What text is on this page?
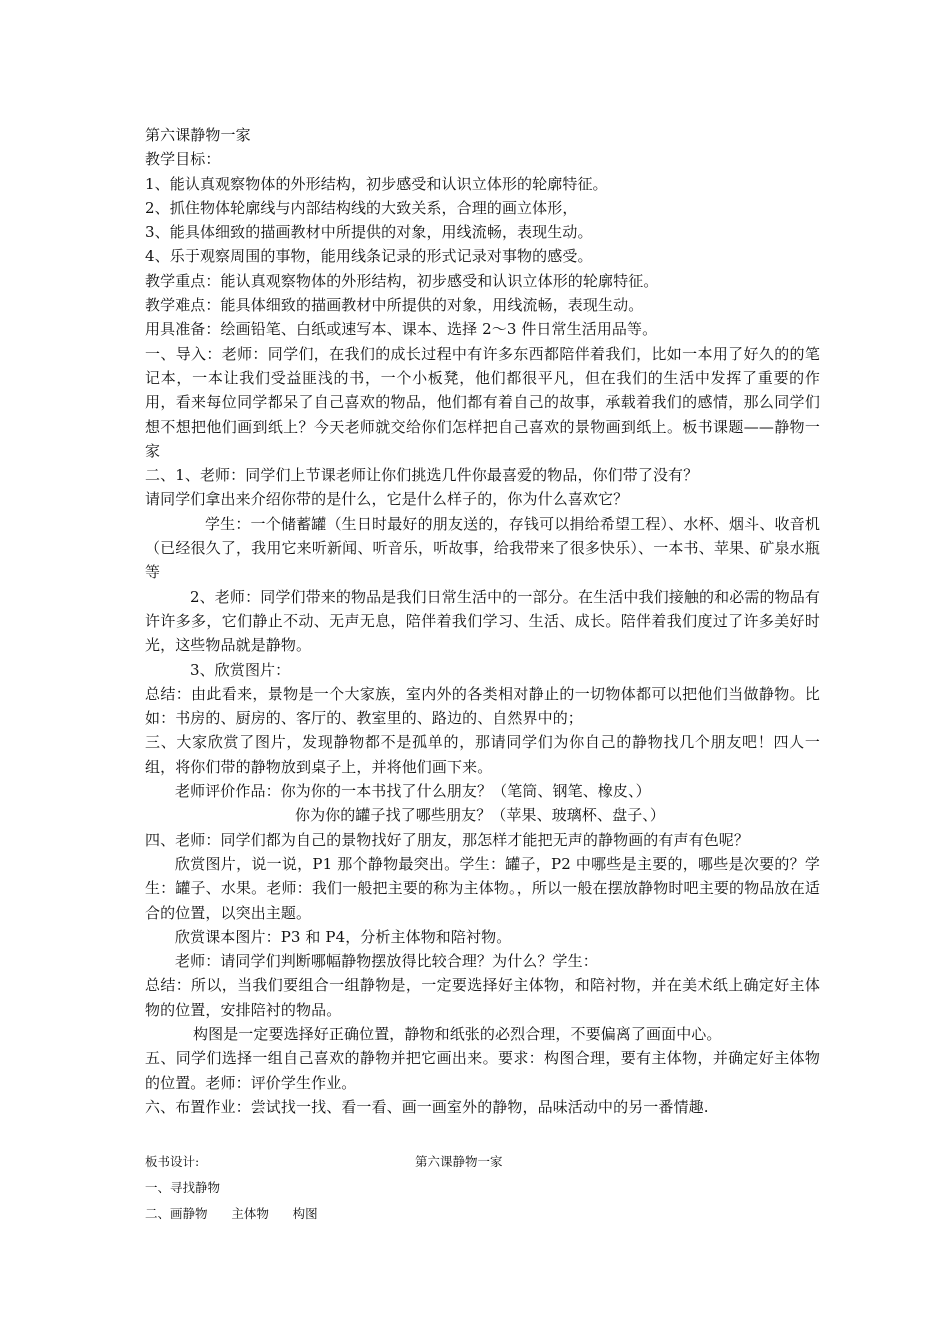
第六课静物一家

教学目标：

1、能认真观察物体的外形结构，初步感受和认识立体形的轮廓特征。

2、抓住物体轮廓线与内部结构线的大致关系，合理的画立体形，

3、能具体细致的描画教材中所提供的对象，用线流畅，表现生动。

4、乐于观察周围的事物，能用线条记录的形式记录对事物的感受。

教学重点：能认真观察物体的外形结构，初步感受和认识立体形的轮廓特征。

教学难点：能具体细致的描画教材中所提供的对象，用线流畅，表现生动。

用具准备：绘画铅笔、白纸或速写本、课本、选择 2～3 件日常生活用品等。

一、导入：老师：同学们，在我们的成长过程中有许多东西都陪伴着我们，比如一本用了好久的的笔记本，一本让我们受益匪浅的书，一个小板凳，他们都很平凡，但在我们的生活中发挥了重要的作用，看来每位同学都呆了自己喜欢的物品，他们都有着自己的故事，承载着我们的感情，那么同学们想不想把他们画到纸上？今天老师就交给你们怎样把自己喜欢的景物画到纸上。板书课题——静物一家

二、1、老师：同学们上节课老师让你们挑选几件你最喜爱的物品，你们带了没有？

请同学们拿出来介绍你带的是什么，它是什么样子的，你为什么喜欢它？

学生：一个储蓄罐（生日时最好的朋友送的，存钱可以捐给希望工程）、水杯、烟斗、收音机（已经很久了，我用它来听新闻、听音乐，听故事，给我带来了很多快乐）、一本书、苹果、矿泉水瓶等

2、老师：同学们带来的物品是我们日常生活中的一部分。在生活中我们接触的和必需的物品有许许多多，它们静止不动、无声无息，陪伴着我们学习、生活、成长。陪伴着我们度过了许多美好时光，这些物品就是静物。

3、欣赏图片：

总结：由此看来，景物是一个大家族，室内外的各类相对静止的一切物体都可以把他们当做静物。比如：书房的、厨房的、客厅的、教室里的、路边的、自然界中的；

三、大家欣赏了图片，发现静物都不是孤单的，那请同学们为你自己的静物找几个朋友吧！四人一组，将你们带的静物放到桌子上，并将他们画下来。

老师评价作品：你为你的一本书找了什么朋友？（笔筒、钢笔、橡皮、）

你为你的罐子找了哪些朋友？（苹果、玻璃杯、盘子、）

四、老师：同学们都为自己的景物找好了朋友，那怎样才能把无声的静物画的有声有色呢？

欣赏图片，说一说，P1 那个静物最突出。学生：罐子，P2 中哪些是主要的，哪些是次要的？学生：罐子、水果。老师：我们一般把主要的称为主体物。，所以一般在摆放静物时吧主要的物品放在适合的位置，以突出主题。

欣赏课本图片：P3 和 P4，分析主体物和陪衬物。

老师：请同学们判断哪幅静物摆放得比较合理？为什么？学生：

总结：所以，当我们要组合一组静物是，一定要选择好主体物，和陪衬物，并在美术纸上确定好主体物的位置，安排陪衬的物品。

构图是一定要选择好正确位置，静物和纸张的必烈合理，不要偏离了画面中心。

五、同学们选择一组自己喜欢的静物并把它画出来。要求：构图合理，要有主体物，并确定好主体物的位置。老师：评价学生作业。

六、布置作业：尝试找一找、看一看、画一画室外的静物，品味活动中的另一番情趣.

板书设计:	第六课静物一家

一、寻找静物

二、画静物      主体物      构图
